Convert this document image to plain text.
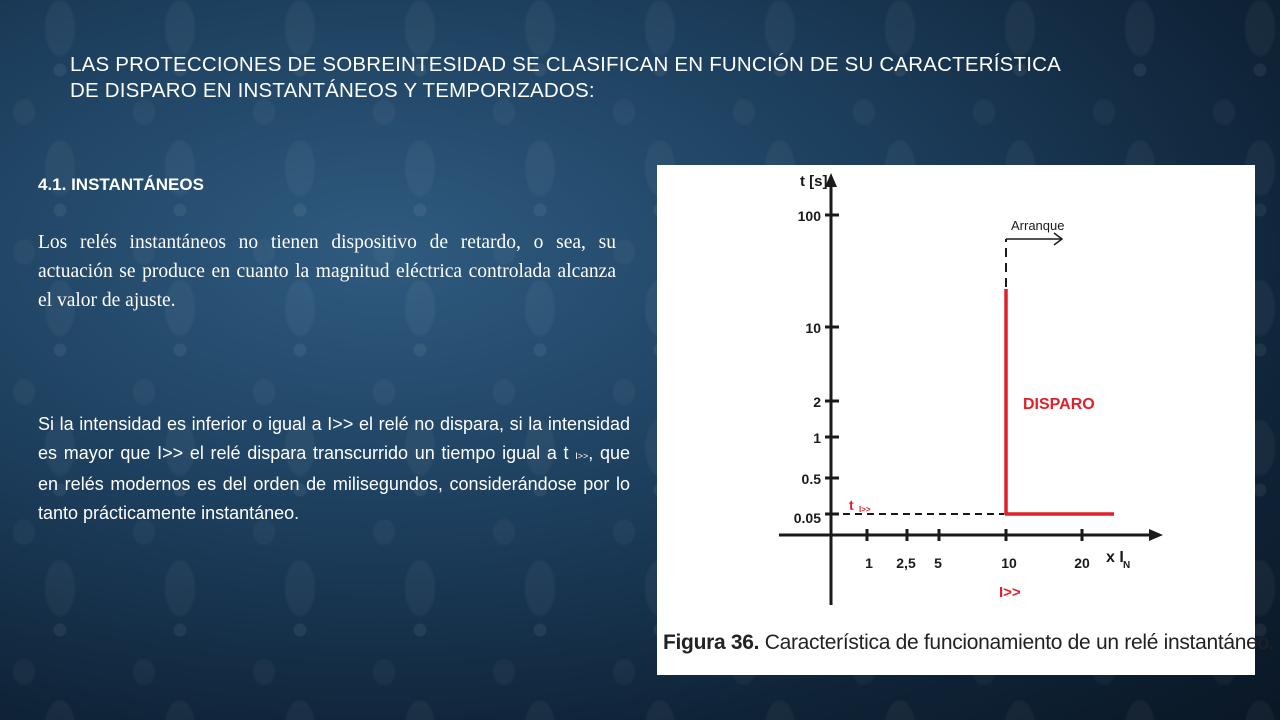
LAS PROTECCIONES DE SOBREINTESIDAD SE CLASIFICAN EN FUNCIÓN DE SU CARACTERÍSTICA
DE DISPARO EN INSTANTÁNEOS Y TEMPORIZADOS:
4.1. INSTANTÁNEOS

Los relés instantáneos no tienen dispositivo de retardo, o sea, su actuación se produce en cuanto la magnitud eléctrica controlada alcanza el valor de ajuste.

Si la intensidad es inferior o igual a I>> el relé no dispara, si la intensidad es mayor que I>> el relé dispara transcurrido un tiempo igual a t I>>, que en relés modernos es del orden de milisegundos, considerándose por lo tanto prácticamente instantáneo.

t [s]
x I N
100
10
2
1
0.5
0.05
1 2,5 5	10	20
Arranque
DISPARO
t I>>
I>>

Figura 36. Característica de funcionamiento de un relé instantáneo.
